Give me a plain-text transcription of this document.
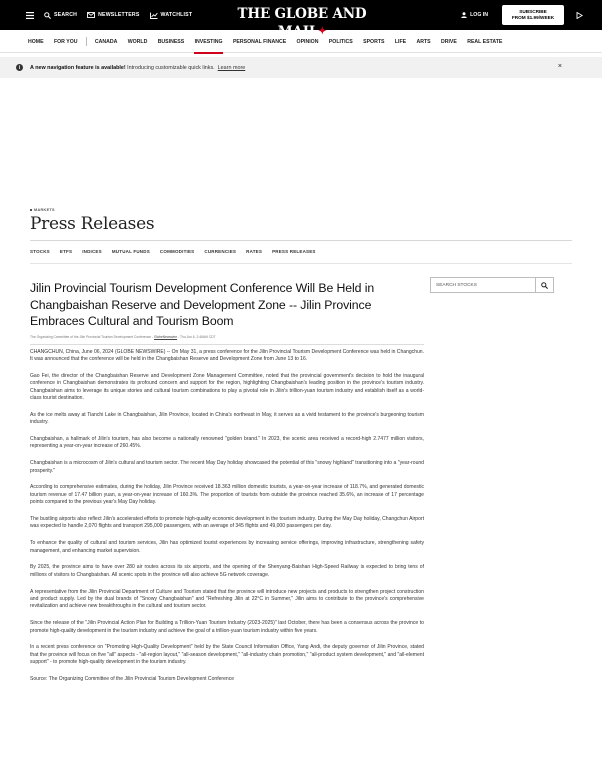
SEARCH	NEWSLETTERS	WATCHLIST	THE GLOBE AND MAIL✦
LOG IN
SUBSCRIBE
FROM $1.99/WEEK
HOME	FOR YOU	CANADA	WORLD	BUSINESS	INVESTING	PERSONAL FINANCE	OPINION	POLITICS	SPORTS	LIFE	ARTS	DRIVE	REAL ESTATE
i	A new navigation feature is available! Introducing customizable quick links. Learn more	×
MARKETS
Press Releases
STOCKS ETFS INDICES MUTUAL FUNDS COMMODITIES CURRENCIES RATES PRESS RELEASES
SEARCH STOCKS
Jilin Provincial Tourism Development Conference Will Be Held in Changbaishan Reserve and Development Zone -- Jilin Province Embraces Cultural and Tourism Boom
The Organizing Committee of the Jilin Provincial Tourism Development Conference - GlobeNewswire - Thu Jun 6, 2:46AM CDT

CHANGCHUN, China, June 06, 2024 (GLOBE NEWSWIRE) -- On May 31, a press conference for the Jilin Provincial Tourism Development Conference was held in Changchun. It was announced that the conference will be held in the Changbaishan Reserve and Development Zone from June 13 to 16.

Gao Fei, the director of the Changbaishan Reserve and Development Zone Management Committee, noted that the provincial government's decision to hold the inaugural conference in Changbaishan demonstrates its profound concern and support for the region, highlighting Changbaishan's leading position in the province's tourism industry. Changbaishan aims to leverage its unique stories and cultural tourism combinations to play a pivotal role in Jilin's trillion-yuan tourism industry and establish itself as a world-class tourist destination.

As the ice melts away at Tianchi Lake in Changbaishan, Jilin Province, located in China's northeast in May, it serves as a vivid testament to the province's burgeoning tourism industry.

Changbaishan, a hallmark of Jilin's tourism, has also become a nationally renowned "golden brand." In 2023, the scenic area received a record-high 2.7477 million visitors, representing a year-on-year increase of 260.45%.

Changbaishan is a microcosm of Jilin's cultural and tourism sector. The recent May Day holiday showcased the potential of this "snowy highland" transitioning into a "year-round prosperity."

According to comprehensive estimates, during the holiday, Jilin Province received 18.363 million domestic tourists, a year-on-year increase of 118.7%, and generated domestic tourism revenue of 17.47 billion yuan, a year-on-year increase of 160.3%. The proportion of tourists from outside the province reached 35.6%, an increase of 17 percentage points compared to the previous year's May Day holiday.

The bustling airports also reflect Jilin's accelerated efforts to promote high-quality economic development in the tourism industry. During the May Day holiday, Changchun Airport was expected to handle 2,070 flights and transport 295,000 passengers, with an average of 345 flights and 49,000 passengers per day.

To enhance the quality of cultural and tourism services, Jilin has optimized tourist experiences by increasing service offerings, improving infrastructure, strengthening safety management, and enhancing market supervision.

By 2025, the province aims to have over 280 air routes across its six airports, and the opening of the Shenyang-Baishan High-Speed Railway is expected to bring tens of millions of visitors to Changbaishan. All scenic spots in the province will also achieve 5G network coverage.

A representative from the Jilin Provincial Department of Culture and Tourism stated that the province will introduce new projects and products to strengthen project construction and product supply. Led by the dual brands of "Snowy Changbaishan" and "Refreshing Jilin at 22°C in Summer," Jilin aims to contribute to the province's comprehensive revitalization and achieve new breakthroughs in the cultural and tourism sector.

Since the release of the "Jilin Provincial Action Plan for Building a Trillion-Yuan Tourism Industry (2023-2025)" last October, there has been a consensus across the province to promote high-quality development in the tourism industry and achieve the goal of a trillion-yuan tourism industry within five years.

In a recent press conference on "Promoting High-Quality Development" held by the State Council Information Office, Yang Andi, the deputy governor of Jilin Province, stated that the province will focus on five "all" aspects - "all-region layout," "all-season development," "all-industry chain promotion," "all-product system development," and "all-element support" - to promote high-quality development in the tourism industry.

Source: The Organizing Committee of the Jilin Provincial Tourism Development Conference
